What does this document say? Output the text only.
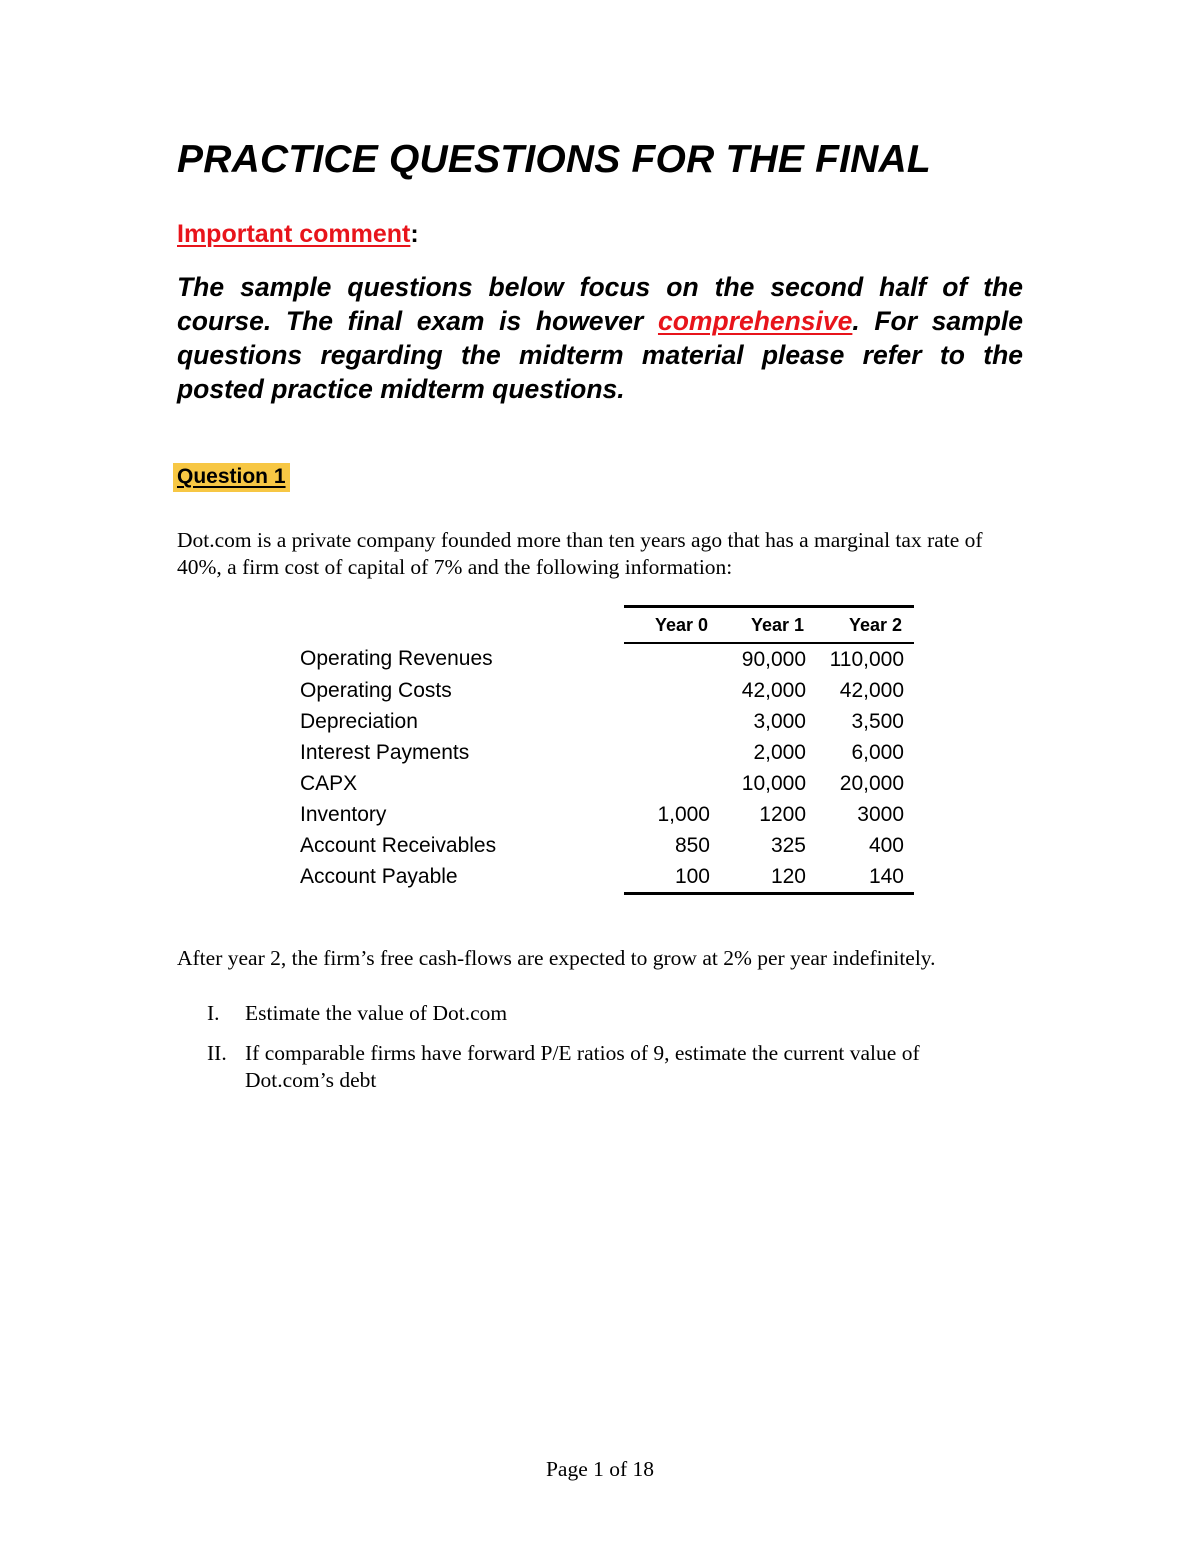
PRACTICE QUESTIONS FOR THE FINAL
Important comment:

The sample questions below focus on the second half of the course. The final exam is however comprehensive. For sample questions regarding the midterm material please refer to the posted practice midterm questions.

Question 1

Dot.com is a private company founded more than ten years ago that has a marginal tax rate of 40%, a firm cost of capital of 7% and the following information:

	Year 0	Year 1	Year 2
Operating Revenues		90,000	110,000
Operating Costs		42,000	42,000
Depreciation		3,000	3,500
Interest Payments		2,000	6,000
CAPX		10,000	20,000
Inventory	1,000	1200	3000
Account Receivables	850	325	400
Account Payable	100	120	140

After year 2, the firm’s free cash-flows are expected to grow at 2% per year indefinitely.

I.	Estimate the value of Dot.com
II. If comparable firms have forward P/E ratios of 9, estimate the current value of Dot.com’s debt
Page 1 of 18
